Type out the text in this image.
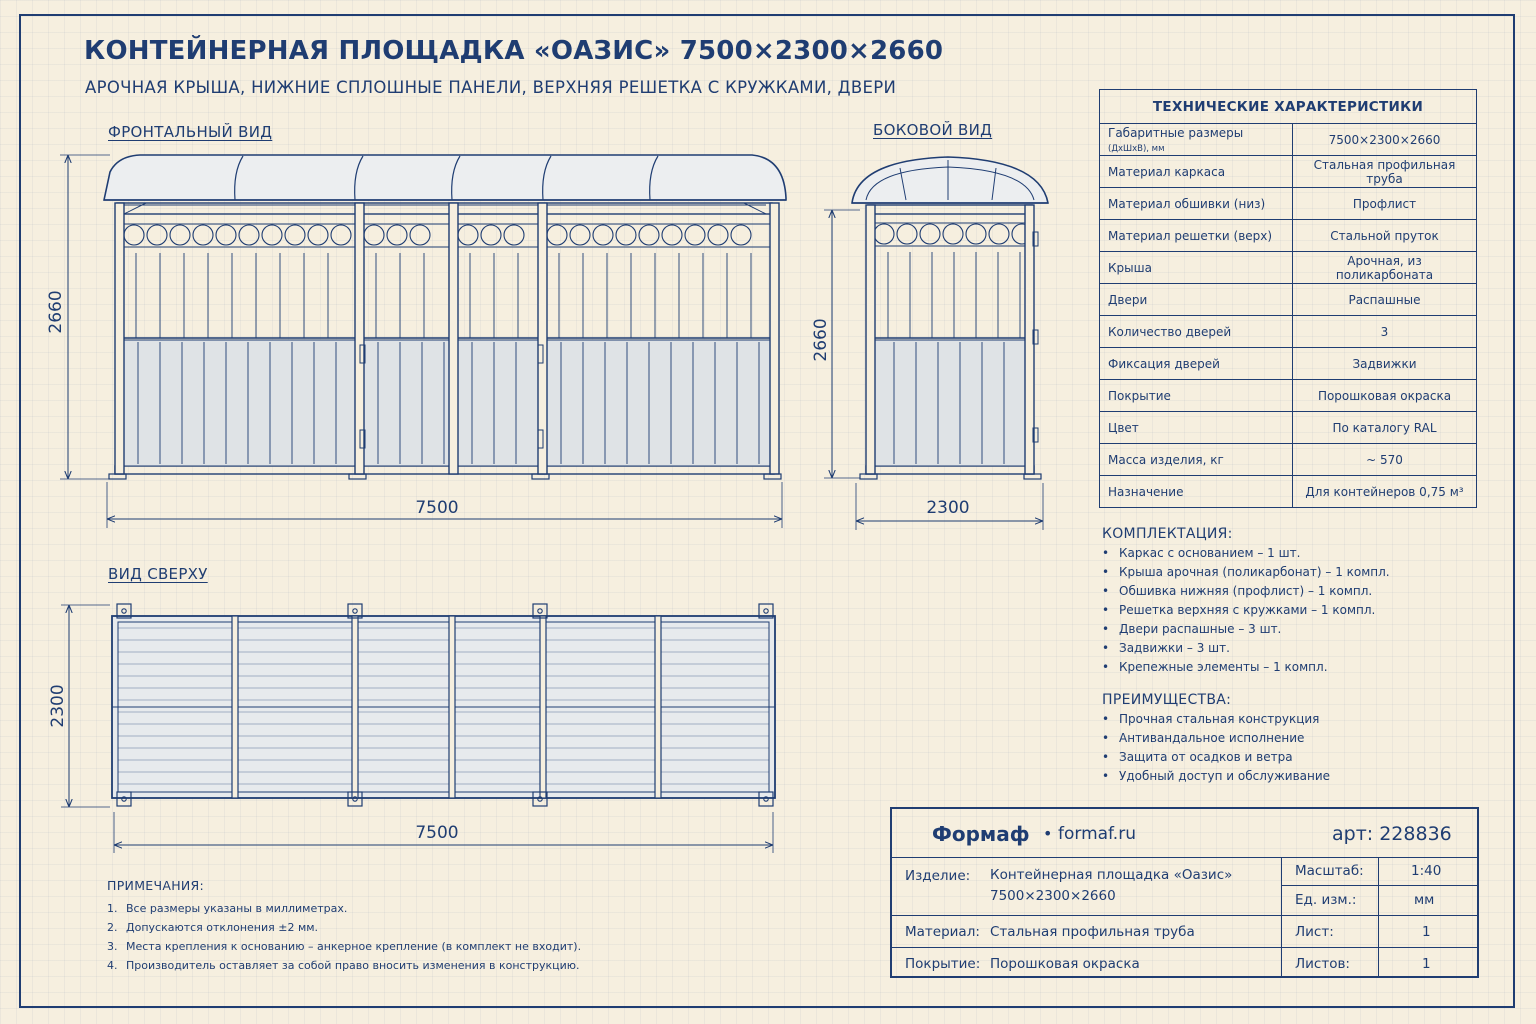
КОНТЕЙНЕРНАЯ ПЛОЩАДКА «ОАЗИС» 7500×2300×2660
АРОЧНАЯ КРЫША, НИЖНИЕ СПЛОШНЫЕ ПАНЕЛИ, ВЕРХНЯЯ РЕШЕТКА С КРУЖКАМИ, ДВЕРИ
ФРОНТАЛЬНЫЙ ВИД	БОКОВОЙ ВИД
ВИД СВЕРХУ
7500
2660
2300
2660
7500
2300
ТЕХНИЧЕСКИЕ ХАРАКТЕРИСТИКИ	
Габаритные размеры (ДхШхВ), мм	7500×2300×2660
Материал каркаса	Стальная профильная труба
Материал обшивки (низ)	Профлист
Материал решетки (верх)	Стальной пруток
Крыша	Арочная, из поликарбоната
Двери	Распашные
Количество дверей	3
Фиксация дверей	Задвижки
Покрытие	Порошковая окраска
Цвет	По каталогу RAL
Масса изделия, кг	~ 570
Назначение	Для контейнеров 0,75 м³
КОМПЛЕКТАЦИЯ:
• Каркас с основанием – 1 шт.
• Крыша арочная (поликарбонат) – 1 компл.
• Обшивка нижняя (профлист) – 1 компл.
• Решетка верхняя с кружками – 1 компл.
• Двери распашные – 3 шт.
• Задвижки – 3 шт.
• Крепежные элементы – 1 компл.
ПРЕИМУЩЕСТВА:
• Прочная стальная конструкция
• Антивандальное исполнение
• Защита от осадков и ветра
• Удобный доступ и обслуживание
ПРИМЕЧАНИЯ:
1. Все размеры указаны в миллиметрах.
2. Допускаются отклонения ±2 мм.
3. Места крепления к основанию – анкерное крепление (в комплект не входит).
4. Производитель оставляет за собой право вносить изменения в конструкцию.
Формаф • formaf.ru	арт: 228836
Изделие: Контейнерная площадка «Оазис»
7500×2300×2660
Материал: Стальная профильная труба
Покрытие: Порошковая окраска
Масштаб:	1:40
Ед. изм.:	мм
Лист:	1
Листов:	1
